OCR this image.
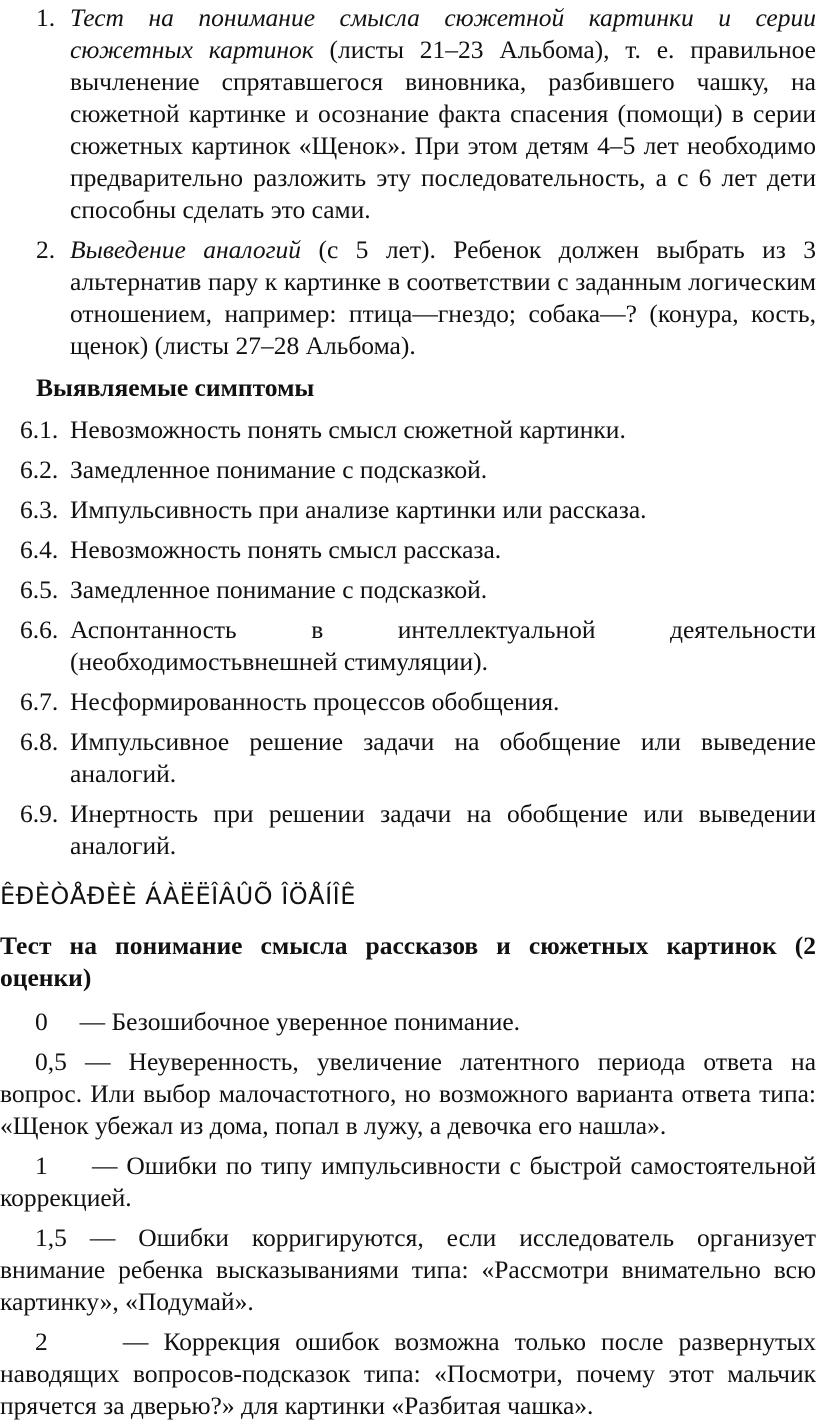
1. Тест на понимание смысла сюжетной картинки и серии сюжетных картинок (листы 21–23 Альбома), т. е. правильное вычленение спрятавшегося виновника, разбившего чашку, на сюжетной картинке и осознание факта спасения (помощи) в серии сюжетных картинок «Щенок». При этом детям 4–5 лет необходимо предварительно разложить эту последовательность, а с 6 лет дети способны сделать это сами.
2. Выведение аналогий (с 5 лет). Ребенок должен выбрать из 3 альтернатив пару к картинке в соответствии с заданным логическим отношением, например: птица—гнездо; собака—? (конура, кость, щенок) (листы 27–28 Альбома).
Выявляемые симптомы
6.1. Невозможность понять смысл сюжетной картинки.
6.2. Замедленное понимание с подсказкой.
6.3. Импульсивность при анализе картинки или рассказа.
6.4. Невозможность понять смысл рассказа.
6.5. Замедленное понимание с подсказкой.
6.6. Аспонтанность в интеллектуальной деятельности (необходимостьвнешней стимуляции).
6.7. Несформированность процессов обобщения.
6.8. Импульсивное решение задачи на обобщение или выведение аналогий.
6.9. Инертность при решении задачи на обобщение или выведении аналогий.
ÊÐÈÒÅÐÈÈ ÁÀËËÎÂÛÕ ÎÖÅÍÎÊ
Тест на понимание смысла рассказов и сюжетных картинок (2 оценки)
0 — Безошибочное уверенное понимание.
0,5 — Неуверенность, увеличение латентного периода ответа на вопрос. Или выбор малочастотного, но возможного варианта ответа типа: «Щенок убежал из дома, попал в лужу, а девочка его нашла».
1 — Ошибки по типу импульсивности с быстрой самостоятельной коррекцией.
1,5 — Ошибки корригируются, если исследователь организует внимание ребенка высказываниями типа: «Рассмотри внимательно всю картинку», «Подумай».
2	— Коррекция ошибок возможна только после развернутых наводящих вопросов-подсказок типа: «Посмотри, почему этот мальчик прячется за дверью?» для картинки «Разбитая чашка».
